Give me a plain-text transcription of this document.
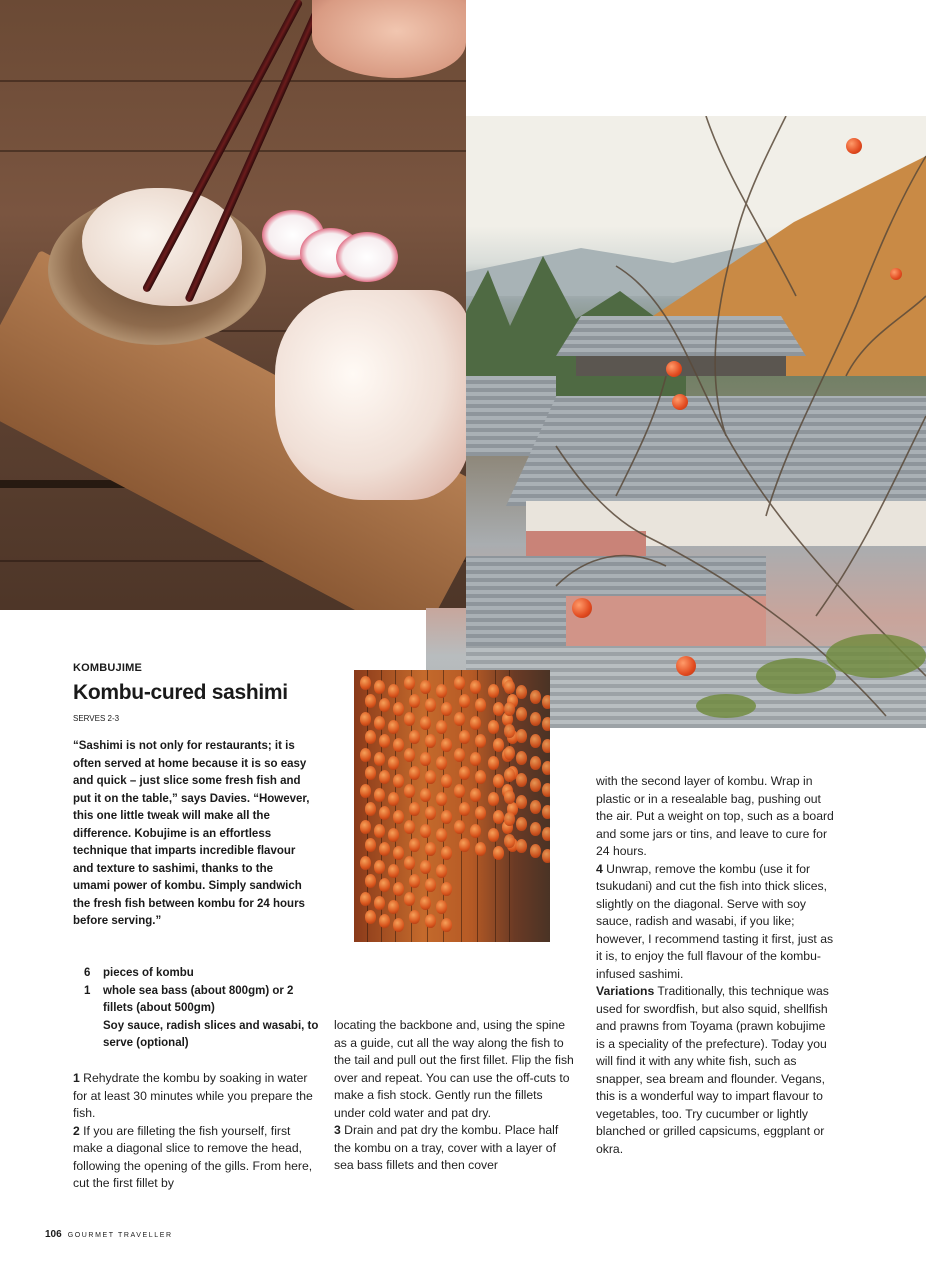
KOMBUJIME
Kombu-cured sashimi
SERVES 2-3
“Sashimi is not only for restaurants; it is often served at home because it is so easy and quick – just slice some fresh fish and put it on the table,” says Davies. “However, this one little tweak will make all the difference. Kobujime is an effortless technique that imparts incredible flavour and texture to sashimi, thanks to the umami power of kombu. Simply sandwich the fresh fish between kombu for 24 hours before serving.”
6	pieces of kombu
1	whole sea bass (about 800gm) or 2 fillets (about 500gm)
Soy sauce, radish slices and wasabi, to serve (optional)

1 Rehydrate the kombu by soaking in water for at least 30 minutes while you prepare the fish.

2 If you are filleting the fish yourself, first make a diagonal slice to remove the head, following the opening of the gills. From here, cut the first fillet by

locating the backbone and, using the spine as a guide, cut all the way along the fish to the tail and pull out the first fillet. Flip the fish over and repeat. You can use the off-cuts to make a fish stock. Gently run the fillets under cold water and pat dry.

3 Drain and pat dry the kombu. Place half the kombu on a tray, cover with a layer of sea bass fillets and then cover

with the second layer of kombu. Wrap in plastic or in a resealable bag, pushing out the air. Put a weight on top, such as a board and some jars or tins, and leave to cure for 24 hours.

4 Unwrap, remove the kombu (use it for tsukudani) and cut the fish into thick slices, slightly on the diagonal. Serve with soy sauce, radish and wasabi, if you like; however, I recommend tasting it first, just as it is, to enjoy the full flavour of the kombu-infused sashimi.

Variations Traditionally, this technique was used for swordfish, but also squid, shellfish and prawns from Toyama (prawn kobujime is a speciality of the prefecture). Today you will find it with any white fish, such as snapper, sea bream and flounder. Vegans, this is a wonderful way to impart flavour to vegetables, too. Try cucumber or lightly blanched or grilled capsicums, eggplant or okra.

106 GOURMET TRAVELLER
